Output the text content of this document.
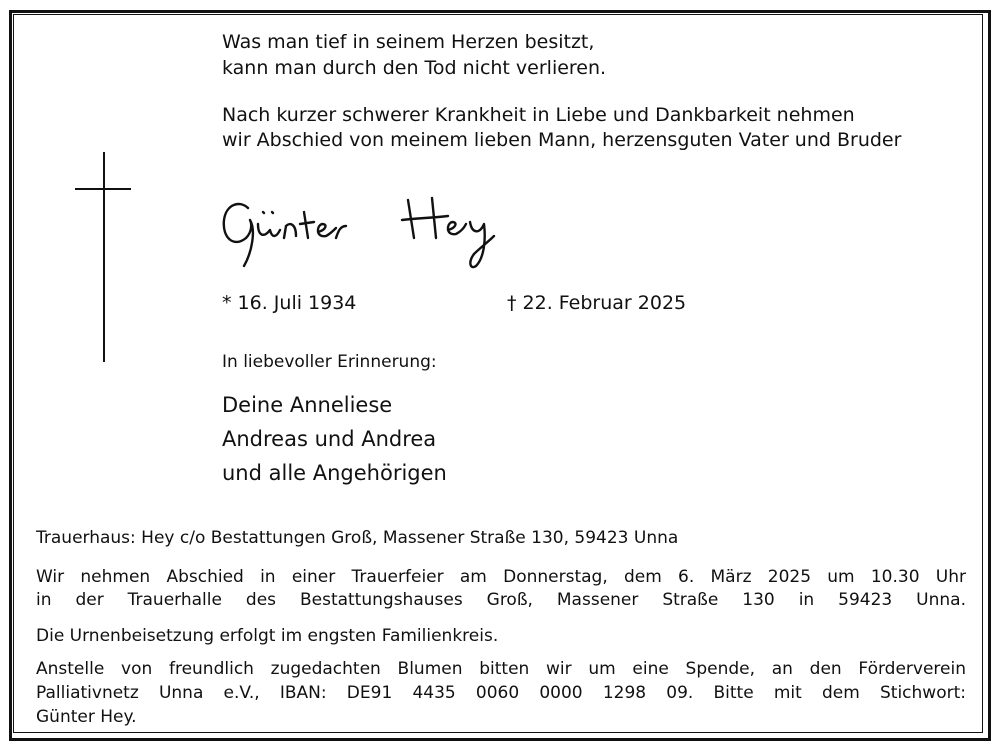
Was man tief in seinem Herzen besitzt,
kann man durch den Tod nicht verlieren.
Nach kurzer schwerer Krankheit in Liebe und Dankbarkeit nehmen
wir Abschied von meinem lieben Mann, herzensguten Vater und Bruder
* 16. Juli 1934	† 22. Februar 2025
In liebevoller Erinnerung:
Deine Anneliese
Andreas und Andrea
und alle Angehörigen
Trauerhaus: Hey c/o Bestattungen Groß, Massener Straße 130, 59423 Unna
Wir nehmen Abschied in einer Trauerfeier am Donnerstag, dem 6. März 2025 um 10.30 Uhr
in der Trauerhalle des Bestattungshauses Groß, Massener Straße 130 in 59423 Unna.
Die Urnenbeisetzung erfolgt im engsten Familienkreis.
Anstelle von freundlich zugedachten Blumen bitten wir um eine Spende, an den Förderverein
Palliativnetz Unna e.V., IBAN: DE91 4435 0060 0000 1298 09. Bitte mit dem Stichwort:
Günter Hey.
